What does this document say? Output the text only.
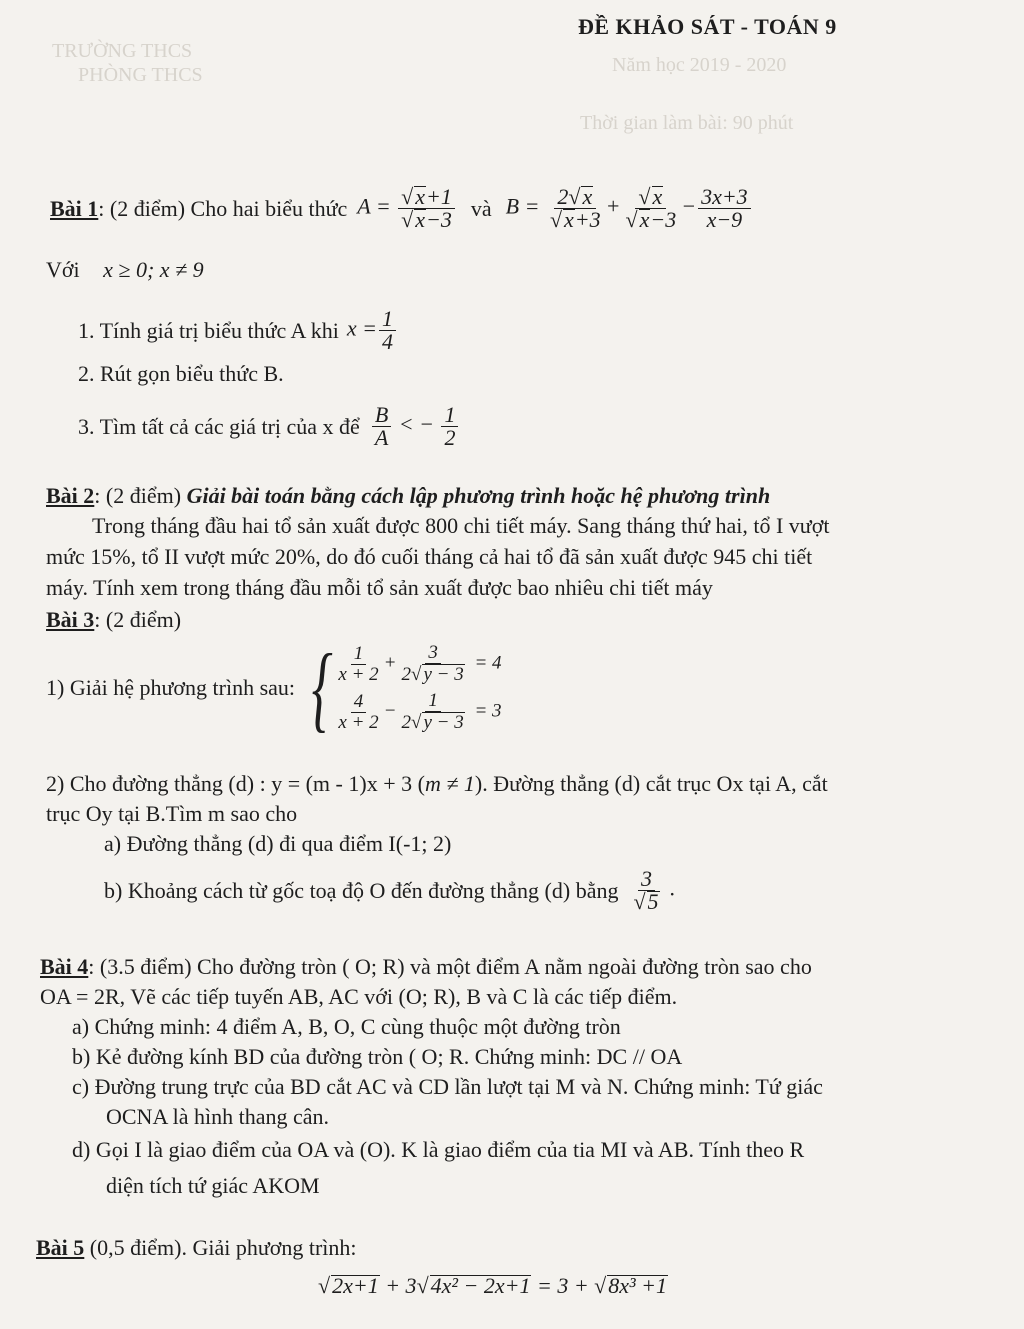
TRƯỜNG THCS
PHÒNG THCS	Năm học 2019 - 2020
Thời gian làm bài: 90 phút
ĐỀ KHẢO SÁT - TOÁN 9
Bài 1 : (2 điểm) Cho hai biểu thức $A = \frac{√x+1}{√x-3}$ và $B = \frac{2√x}{√x+3} + \frac{√x}{√x-3} - \frac{3x+3}{x-9}$
Với x ≥ 0; x ≠ 9
1. Tính giá trị biểu thức A khi $x = \frac{1}{4}$
2. Rút gọn biểu thức B.
3. Tìm tất cả các giá trị của x để $\frac{B}{A}$ < − $\frac{1}{2}$
Bài 2: (2 điểm) Giải bài toán bằng cách lập phương trình hoặc hệ phương trình
Trong tháng đầu hai tổ sản xuất được 800 chi tiết máy. Sang tháng thứ hai, tổ I vượt
mức 15%, tổ II vượt mức 20%, do đó cuối tháng cả hai tổ đã sản xuất được 945 chi tiết
máy. Tính xem trong tháng đầu mỗi tổ sản xuất được bao nhiêu chi tiết máy
Bài 3: (2 điểm)
1) Giải hệ phương trình sau: { $\frac{1}{x + 2} + \frac{3}{2√ y - 3} = 4$
$\frac{4}{x + 2} - \frac{1}{2√ y - 3} = 3$
2) Cho đường thẳng (d) : y = (m - 1)x + 3 (m ≠ 1). Đường thẳng (d) cắt trục Ox tại A, cắt
trục Oy tại B.Tìm m sao cho
a) Đường thẳng (d) đi qua điểm I(-1; 2)
b) Khoảng cách từ gốc toạ độ O đến đường thẳng (d) bằng $\frac{3}{√5}$ .
Bài 4: (3.5 điểm) Cho đường tròn ( O; R) và một điểm A nằm ngoài đường tròn sao cho
OA = 2R, Vẽ các tiếp tuyến AB, AC với (O; R), B và C là các tiếp điểm.
a) Chứng minh: 4 điểm A, B, O, C cùng thuộc một đường tròn
b) Kẻ đường kính BD của đường tròn ( O; R. Chứng minh: DC // OA
c) Đường trung trực của BD cắt AC và CD lần lượt tại M và N. Chứng minh: Tứ giác
OCNA là hình thang cân.
d) Gọi I là giao điểm của OA và (O). K là giao điểm của tia MI và AB. Tính theo R
diện tích tứ giác AKOM
Bài 5 (0,5 điểm). Giải phương trình:
√2x+1 + 3√4x² − 2x+1 = 3 + √8x³ +1
